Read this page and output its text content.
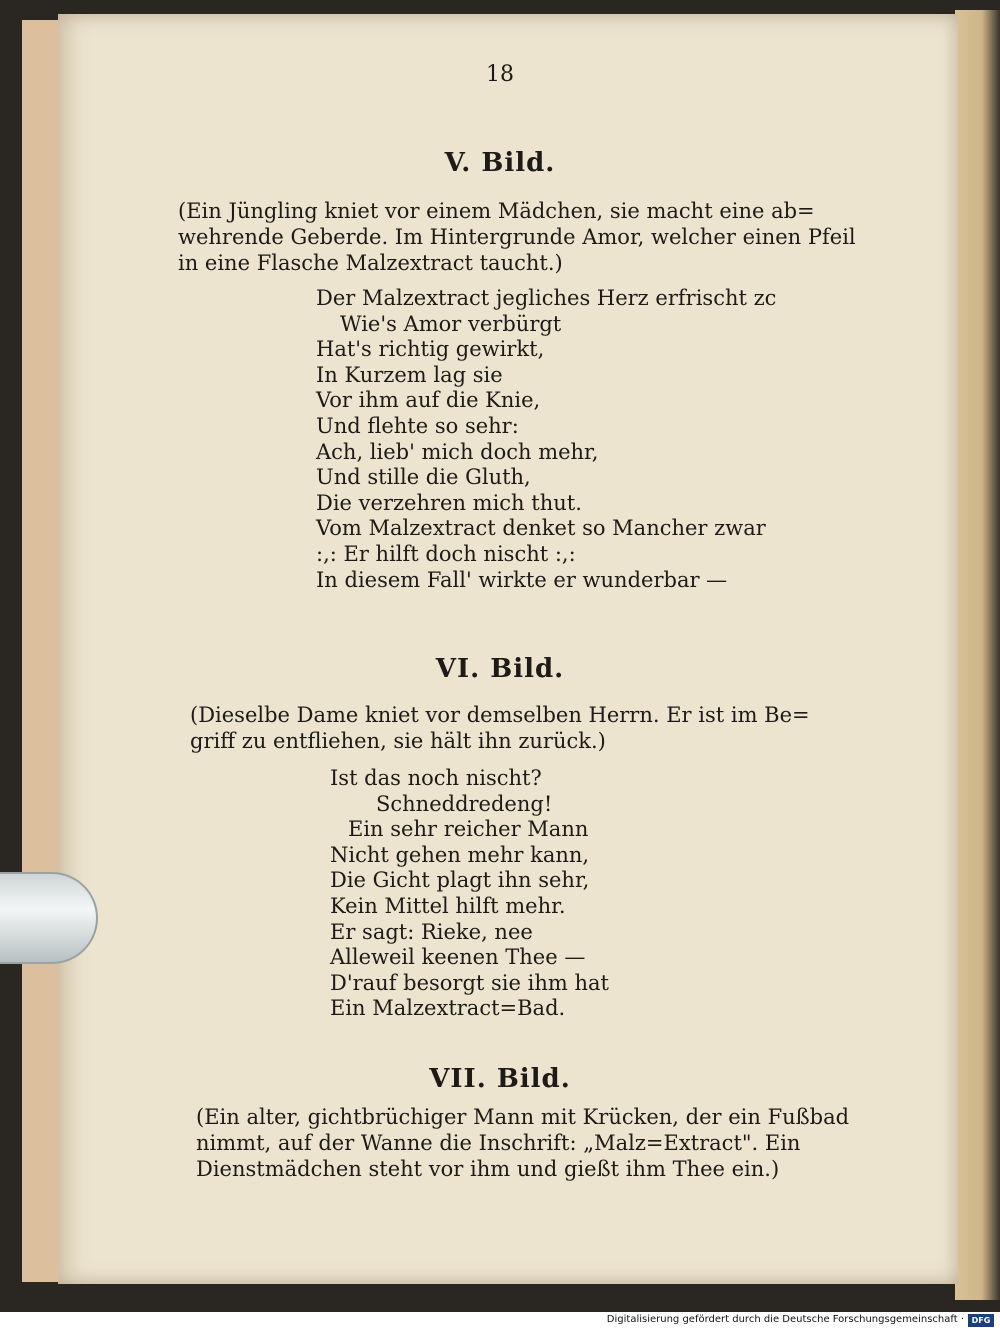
18
V. Bild.
(Ein Jüngling kniet vor einem Mädchen, sie macht eine ab=
wehrende Geberde. Im Hintergrunde Amor, welcher einen Pfeil
in eine Flasche Malzextract taucht.)
Der Malzextract jegliches Herz erfrischt zc
Wie's Amor verbürgt
Hat's richtig gewirkt,
In Kurzem lag sie
Vor ihm auf die Knie,
Und flehte so sehr:
Ach, lieb' mich doch mehr,
Und stille die Gluth,
Die verzehren mich thut.
Vom Malzextract denket so Mancher zwar
:,: Er hilft doch nischt :,:
In diesem Fall' wirkte er wunderbar —
VI. Bild.
(Dieselbe Dame kniet vor demselben Herrn. Er ist im Be=
griff zu entfliehen, sie hält ihn zurück.)
Ist das noch nischt?
Schneddredeng!
Ein sehr reicher Mann
Nicht gehen mehr kann,
Die Gicht plagt ihn sehr,
Kein Mittel hilft mehr.
Er sagt: Rieke, nee
Alleweil keenen Thee —
D'rauf besorgt sie ihm hat
Ein Malzextract=Bad.
VII. Bild.
(Ein alter, gichtbrüchiger Mann mit Krücken, der ein Fußbad
nimmt, auf der Wanne die Inschrift: „Malz=Extract". Ein
Dienstmädchen steht vor ihm und gießt ihm Thee ein.)
Digitalisierung gefördert durch die Deutsche Forschungsgemeinschaft · DFG
